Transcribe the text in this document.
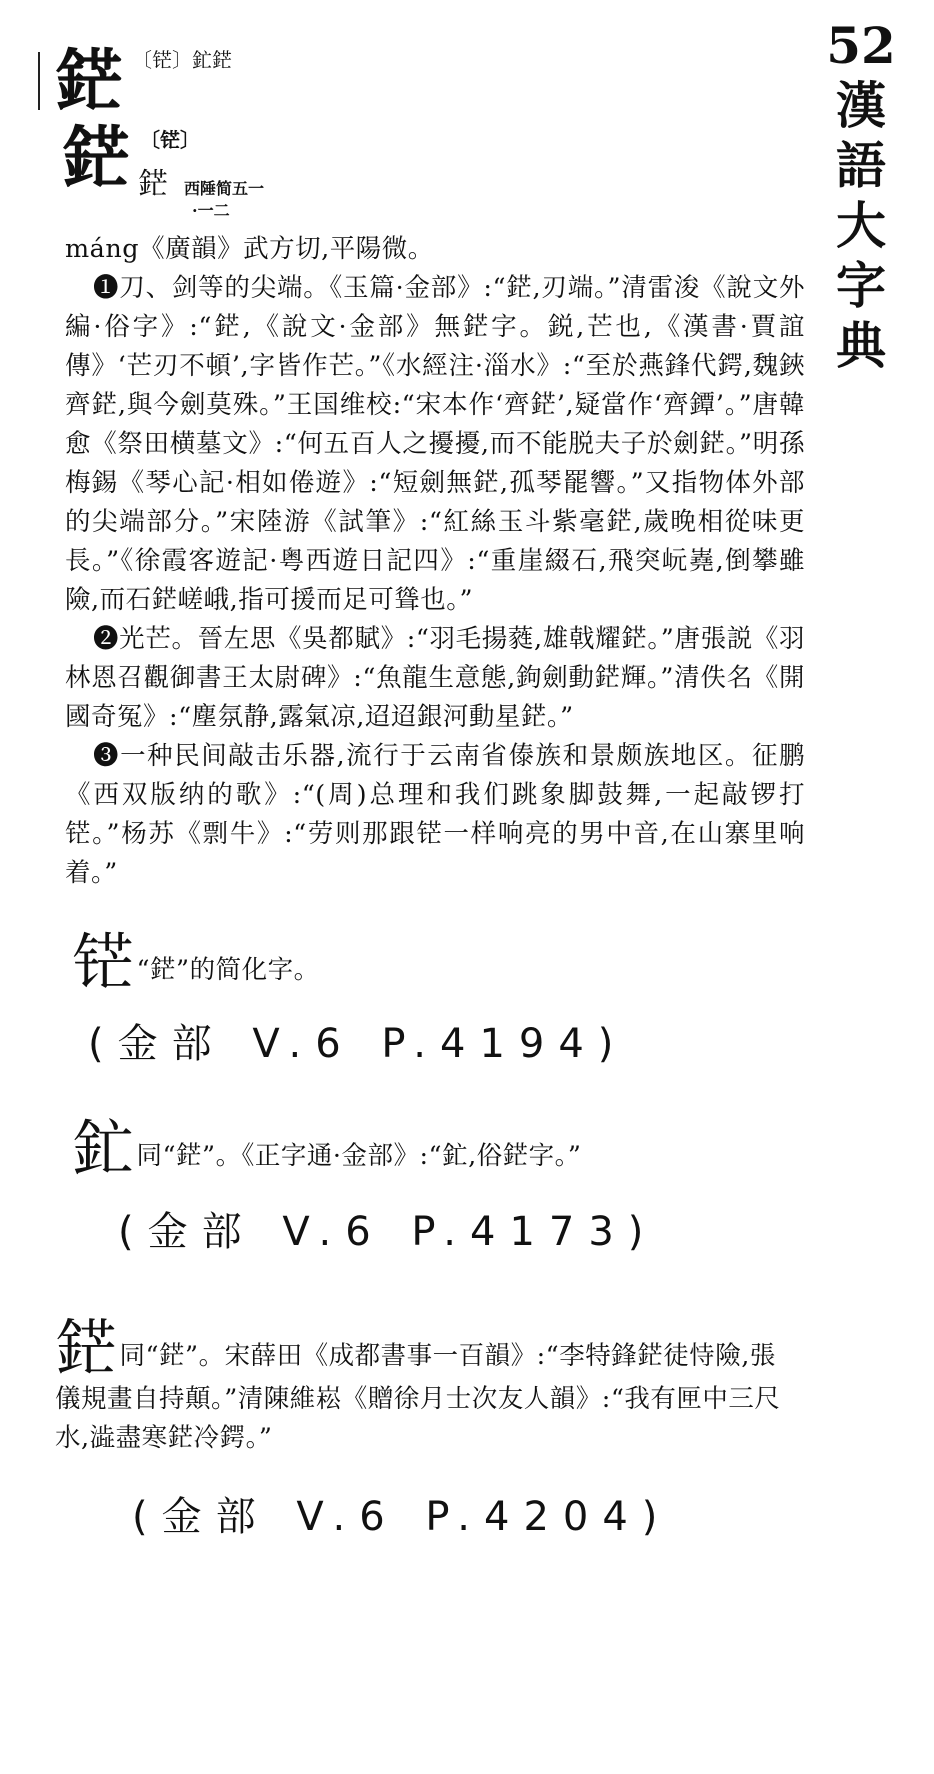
52漢語大字典
鋩 〔铓〕釯鋩
鋩 〔铓〕
鋩 西陲简五一
·一二

máng《廣韻》武方切,平陽微。

❶刀、剑等的尖端。《玉篇·金部》:“鋩,刃端。”清雷浚《說文外編·俗字》:“鋩,《說文·金部》無鋩字。鋭,芒也,《漢書·賈誼傳》‘芒刃不頓’,字皆作芒。”《水經注·淄水》:“至於燕鋒代鍔,魏鋏齊鋩,與今劍莫殊。”王国维校:“宋本作‘齊鋩’,疑當作‘齊鐔’。”唐韓愈《祭田横墓文》:“何五百人之擾擾,而不能脱夫子於劍鋩。”明孫梅錫《琴心記·相如倦遊》:“短劍無鋩,孤琴罷響。”又指物体外部的尖端部分。”宋陸游《試筆》:“紅絲玉斗紫毫鋩,歲晚相從味更長。”《徐霞客遊記·粤西遊日記四》:“重崖綴石,飛突岏嶤,倒攀雖險,而石鋩嵯峨,指可援而足可聳也。”

❷光芒。晉左思《吳都賦》:“羽毛揚蕤,雄戟耀鋩。”唐張説《羽林恩召觀御書王太尉碑》:“魚龍生意態,鉤劍動鋩輝。”清佚名《開國奇冤》:“塵氛静,露氣凉,迢迢銀河動星鋩。”

❸一种民间敲击乐器,流行于云南省傣族和景颇族地区。征鹏《西双版纳的歌》:“(周)总理和我们跳象脚鼓舞,一起敲锣打铓。”杨苏《剽牛》:“劳则那跟铓一样响亮的男中音,在山寨里响着。”

铓“鋩”的简化字。
(金部 V.6 P.4194)
釯同“鋩”。《正字通·金部》:“釯,俗鋩字。”
(金部 V.6 P.4173)
鋩同“鋩”。宋薛田《成都書事一百韻》:“李特鋒鋩徒恃險,張儀規畫自持顛。”清陳維崧《贈徐月士次友人韻》:“我有匣中三尺水,澁盡寒鋩冷鍔。”
(金部 V.6 P.4204)
